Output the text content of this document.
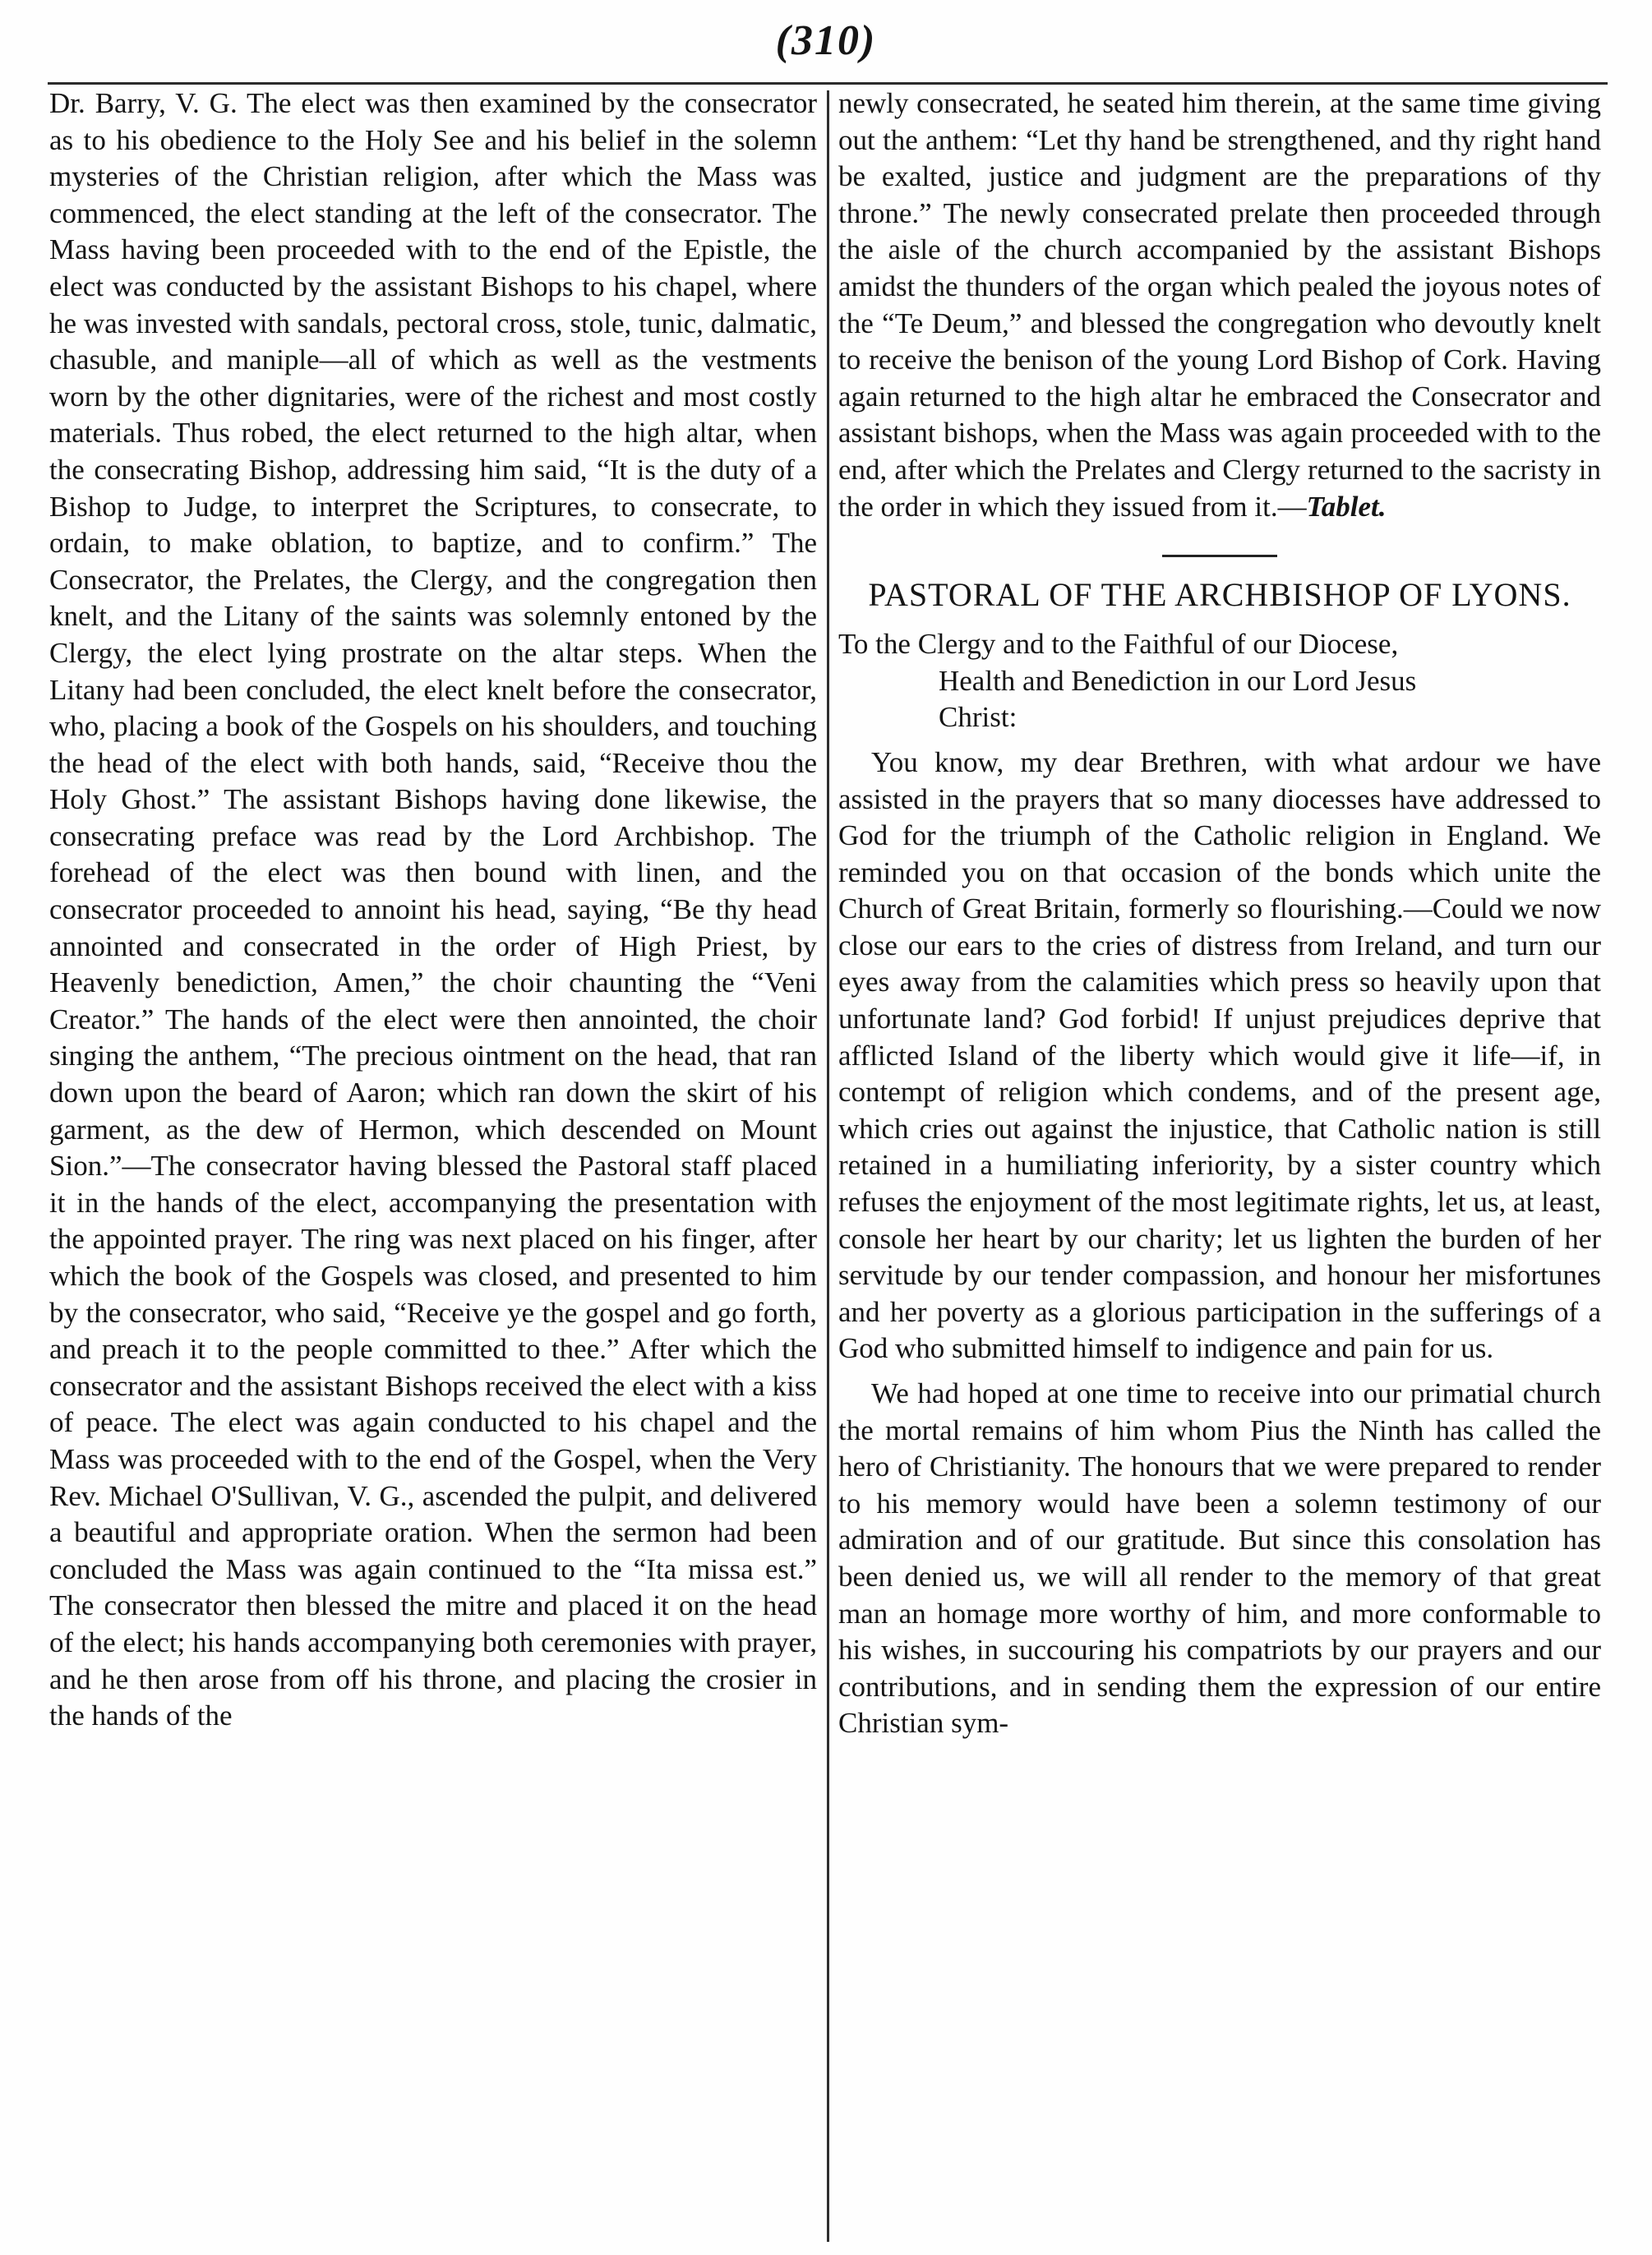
(310)

Dr. Barry, V. G. The elect was then examined by the consecrator as to his obedience to the Holy See and his belief in the solemn mysteries of the Christian religion, after which the Mass was commenced, the elect standing at the left of the consecrator. The Mass having been proceeded with to the end of the Epistle, the elect was conducted by the assistant Bishops to his chapel, where he was invested with sandals, pectoral cross, stole, tunic, dalmatic, chasuble, and maniple—all of which as well as the vestments worn by the other dignitaries, were of the richest and most costly materials. Thus robed, the elect returned to the high altar, when the consecrating Bishop, addressing him said, “It is the duty of a Bishop to Judge, to interpret the Scriptures, to consecrate, to ordain, to make oblation, to baptize, and to confirm.” The Consecrator, the Prelates, the Clergy, and the congregation then knelt, and the Litany of the saints was solemnly entoned by the Clergy, the elect lying prostrate on the altar steps. When the Litany had been concluded, the elect knelt before the consecrator, who, placing a book of the Gospels on his shoulders, and touching the head of the elect with both hands, said, “Receive thou the Holy Ghost.” The assistant Bishops having done likewise, the consecrating preface was read by the Lord Archbishop. The forehead of the elect was then bound with linen, and the consecrator proceeded to annoint his head, saying, “Be thy head annointed and consecrated in the order of High Priest, by Heavenly benediction, Amen,” the choir chaunting the “Veni Creator.” The hands of the elect were then annointed, the choir singing the anthem, “The precious ointment on the head, that ran down upon the beard of Aaron; which ran down the skirt of his garment, as the dew of Hermon, which descended on Mount Sion.”—The consecrator having blessed the Pastoral staff placed it in the hands of the elect, accompanying the presentation with the appointed prayer. The ring was next placed on his finger, after which the book of the Gospels was closed, and presented to him by the consecrator, who said, “Receive ye the gospel and go forth, and preach it to the people committed to thee.” After which the consecrator and the assistant Bishops received the elect with a kiss of peace. The elect was again conducted to his chapel and the Mass was proceeded with to the end of the Gospel, when the Very Rev. Michael O'Sullivan, V. G., ascended the pulpit, and delivered a beautiful and appropriate oration. When the sermon had been concluded the Mass was again continued to the “Ita missa est.” The consecrator then blessed the mitre and placed it on the head of the elect; his hands accompanying both ceremonies with prayer, and he then arose from off his throne, and placing the crosier in the hands of the

newly consecrated, he seated him therein, at the same time giving out the anthem: “Let thy hand be strengthened, and thy right hand be exalted, justice and judgment are the preparations of thy throne.” The newly consecrated prelate then proceeded through the aisle of the church accompanied by the assistant Bishops amidst the thunders of the organ which pealed the joyous notes of the “Te Deum,” and blessed the congregation who devoutly knelt to receive the benison of the young Lord Bishop of Cork. Having again returned to the high altar he embraced the Consecrator and assistant bishops, when the Mass was again proceeded with to the end, after which the Prelates and Clergy returned to the sacristy in the order in which they issued from it.—Tablet.

PASTORAL OF THE ARCHBISHOP OF LYONS.

To the Clergy and to the Faithful of our Diocese,
Health and Benediction in our Lord Jesus
Christ:

You know, my dear Brethren, with what ardour we have assisted in the prayers that so many diocesses have addressed to God for the triumph of the Catholic religion in England. We reminded you on that occasion of the bonds which unite the Church of Great Britain, formerly so flourishing.—Could we now close our ears to the cries of distress from Ireland, and turn our eyes away from the calamities which press so heavily upon that unfortunate land? God forbid! If unjust prejudices deprive that afflicted Island of the liberty which would give it life—if, in contempt of religion which condems, and of the present age, which cries out against the injustice, that Catholic nation is still retained in a humiliating inferiority, by a sister country which refuses the enjoyment of the most legitimate rights, let us, at least, console her heart by our charity; let us lighten the burden of her servitude by our tender compassion, and honour her misfortunes and her poverty as a glorious participation in the sufferings of a God who submitted himself to indigence and pain for us.

We had hoped at one time to receive into our primatial church the mortal remains of him whom Pius the Ninth has called the hero of Christianity. The honours that we were prepared to render to his memory would have been a solemn testimony of our admiration and of our gratitude. But since this consolation has been denied us, we will all render to the memory of that great man an homage more worthy of him, and more conformable to his wishes, in succouring his compatriots by our prayers and our contributions, and in sending them the expression of our entire Christian sym-
